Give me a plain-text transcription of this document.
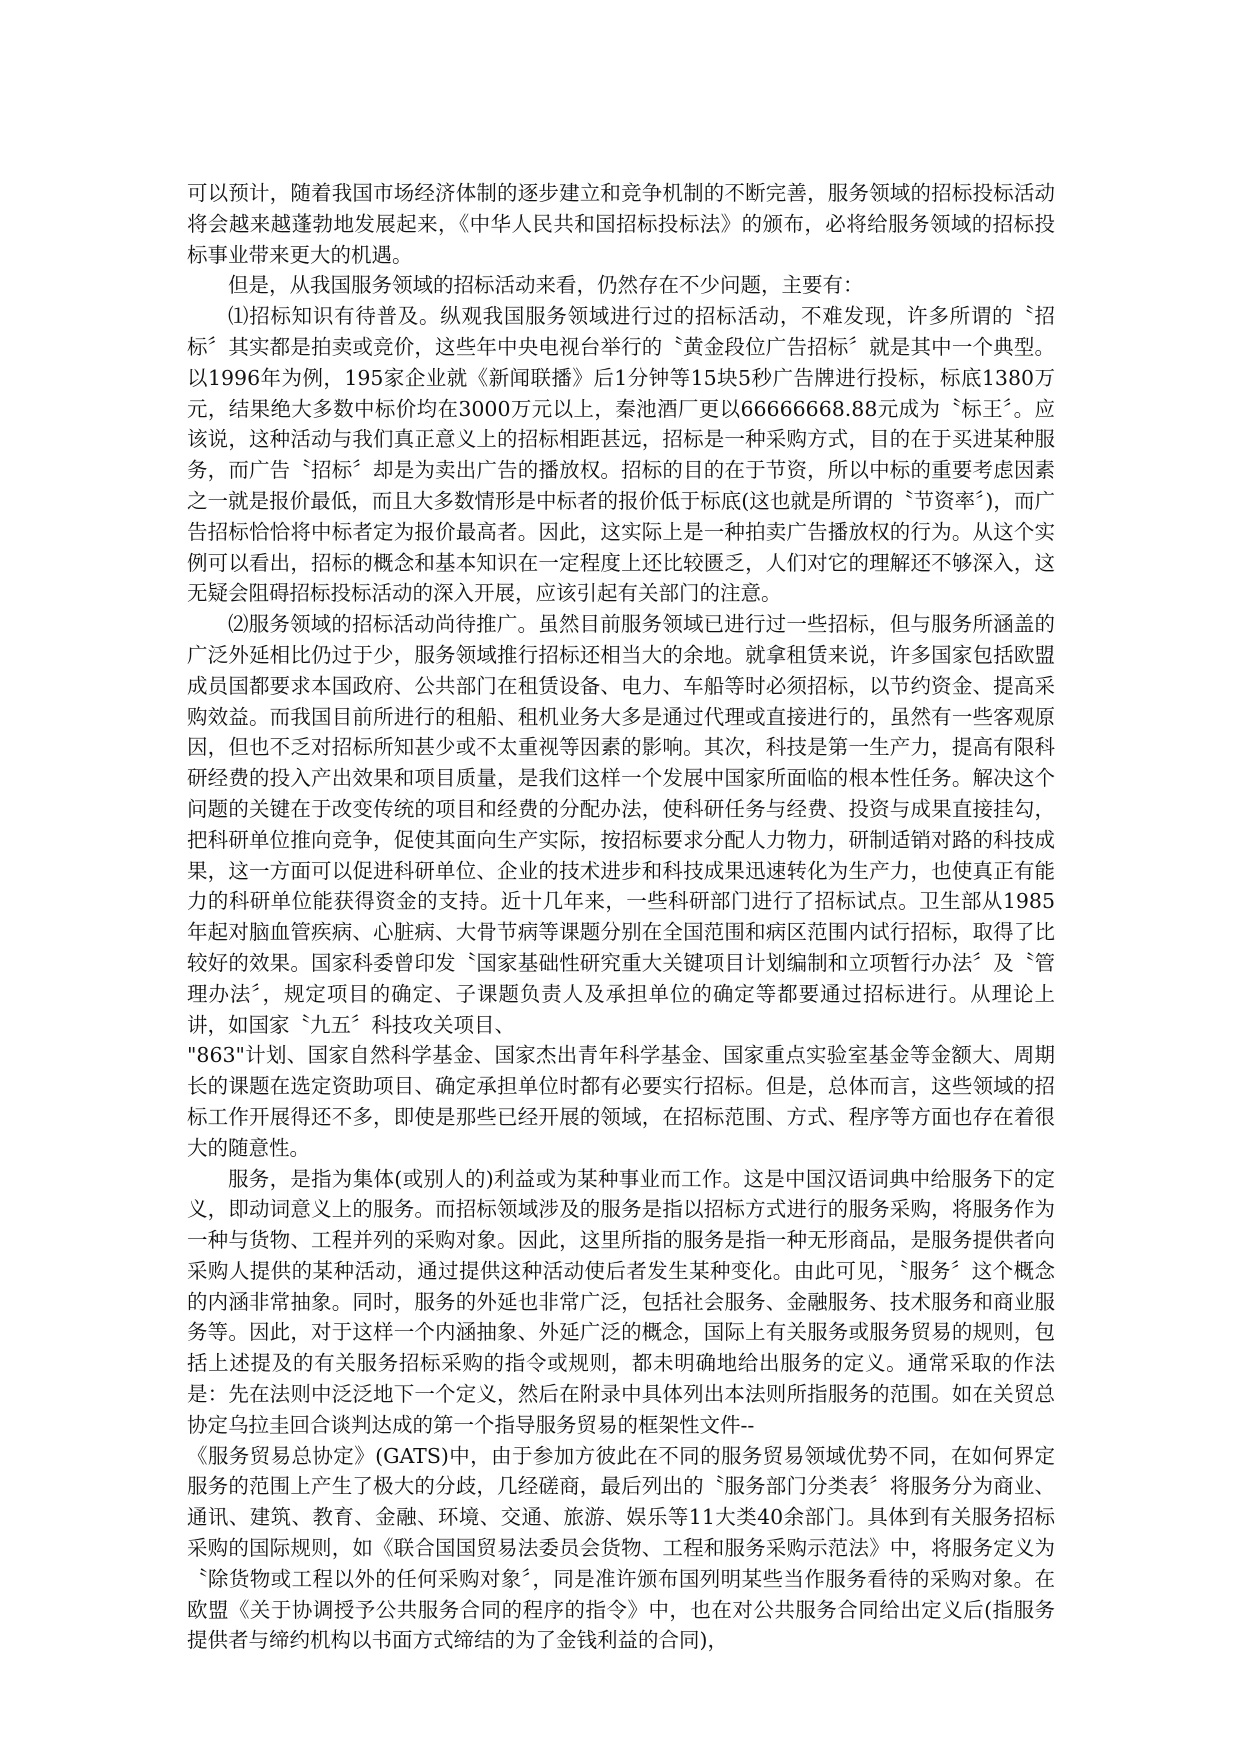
可以预计，随着我国市场经济体制的逐步建立和竞争机制的不断完善，服务领域的招标投标活动将会越来越蓬勃地发展起来，《中华人民共和国招标投标法》的颁布，必将给服务领域的招标投标事业带来更大的机遇。

但是，从我国服务领域的招标活动来看，仍然存在不少问题，主要有：

⑴招标知识有待普及。纵观我国服务领域进行过的招标活动，不难发现，许多所谓的〝招标〞其实都是拍卖或竞价，这些年中央电视台举行的〝黄金段位广告招标〞就是其中一个典型。以1996年为例，195家企业就《新闻联播》后1分钟等15块5秒广告牌进行投标，标底1380万元，结果绝大多数中标价均在3000万元以上，秦池酒厂更以66666668.88元成为〝标王〞。应该说，这种活动与我们真正意义上的招标相距甚远，招标是一种采购方式，目的在于买进某种服务，而广告〝招标〞却是为卖出广告的播放权。招标的目的在于节资，所以中标的重要考虑因素之一就是报价最低，而且大多数情形是中标者的报价低于标底(这也就是所谓的〝节资率〞)，而广告招标恰恰将中标者定为报价最高者。因此，这实际上是一种拍卖广告播放权的行为。从这个实例可以看出，招标的概念和基本知识在一定程度上还比较匮乏，人们对它的理解还不够深入，这无疑会阻碍招标投标活动的深入开展，应该引起有关部门的注意。

⑵服务领域的招标活动尚待推广。虽然目前服务领域已进行过一些招标，但与服务所涵盖的广泛外延相比仍过于少，服务领域推行招标还相当大的余地。就拿租赁来说，许多国家包括欧盟成员国都要求本国政府、公共部门在租赁设备、电力、车船等时必须招标，以节约资金、提高采购效益。而我国目前所进行的租船、租机业务大多是通过代理或直接进行的，虽然有一些客观原因，但也不乏对招标所知甚少或不太重视等因素的影响。其次，科技是第一生产力，提高有限科研经费的投入产出效果和项目质量，是我们这样一个发展中国家所面临的根本性任务。解决这个问题的关键在于改变传统的项目和经费的分配办法，使科研任务与经费、投资与成果直接挂勾，把科研单位推向竞争，促使其面向生产实际，按招标要求分配人力物力，研制适销对路的科技成果，这一方面可以促进科研单位、企业的技术进步和科技成果迅速转化为生产力，也使真正有能力的科研单位能获得资金的支持。近十几年来，一些科研部门进行了招标试点。卫生部从1985年起对脑血管疾病、心脏病、大骨节病等课题分别在全国范围和病区范围内试行招标，取得了比较好的效果。国家科委曾印发〝国家基础性研究重大关键项目计划编制和立项暂行办法〞及〝管理办法〞，规定项目的确定、子课题负责人及承担单位的确定等都要通过招标进行。从理论上讲，如国家〝九五〞科技攻关项目、

"863"计划、国家自然科学基金、国家杰出青年科学基金、国家重点实验室基金等金额大、周期长的课题在选定资助项目、确定承担单位时都有必要实行招标。但是，总体而言，这些领域的招标工作开展得还不多，即使是那些已经开展的领域，在招标范围、方式、程序等方面也存在着很大的随意性。

服务，是指为集体(或别人的)利益或为某种事业而工作。这是中国汉语词典中给服务下的定义，即动词意义上的服务。而招标领域涉及的服务是指以招标方式进行的服务采购，将服务作为一种与货物、工程并列的采购对象。因此，这里所指的服务是指一种无形商品，是服务提供者向采购人提供的某种活动，通过提供这种活动使后者发生某种变化。由此可见，〝服务〞这个概念的内涵非常抽象。同时，服务的外延也非常广泛，包括社会服务、金融服务、技术服务和商业服务等。因此，对于这样一个内涵抽象、外延广泛的概念，国际上有关服务或服务贸易的规则，包括上述提及的有关服务招标采购的指令或规则，都未明确地给出服务的定义。通常采取的作法是：先在法则中泛泛地下一个定义，然后在附录中具体列出本法则所指服务的范围。如在关贸总协定乌拉圭回合谈判达成的第一个指导服务贸易的框架性文件--

《服务贸易总协定》(GATS)中，由于参加方彼此在不同的服务贸易领域优势不同，在如何界定服务的范围上产生了极大的分歧，几经磋商，最后列出的〝服务部门分类表〞将服务分为商业、通讯、建筑、教育、金融、环境、交通、旅游、娱乐等11大类40余部门。具体到有关服务招标采购的国际规则，如《联合国国贸易法委员会货物、工程和服务采购示范法》中，将服务定义为〝除货物或工程以外的任何采购对象〞，同是准许颁布国列明某些当作服务看待的采购对象。在欧盟《关于协调授予公共服务合同的程序的指令》中，也在对公共服务合同给出定义后(指服务提供者与缔约机构以书面方式缔结的为了金钱利益的合同)，
